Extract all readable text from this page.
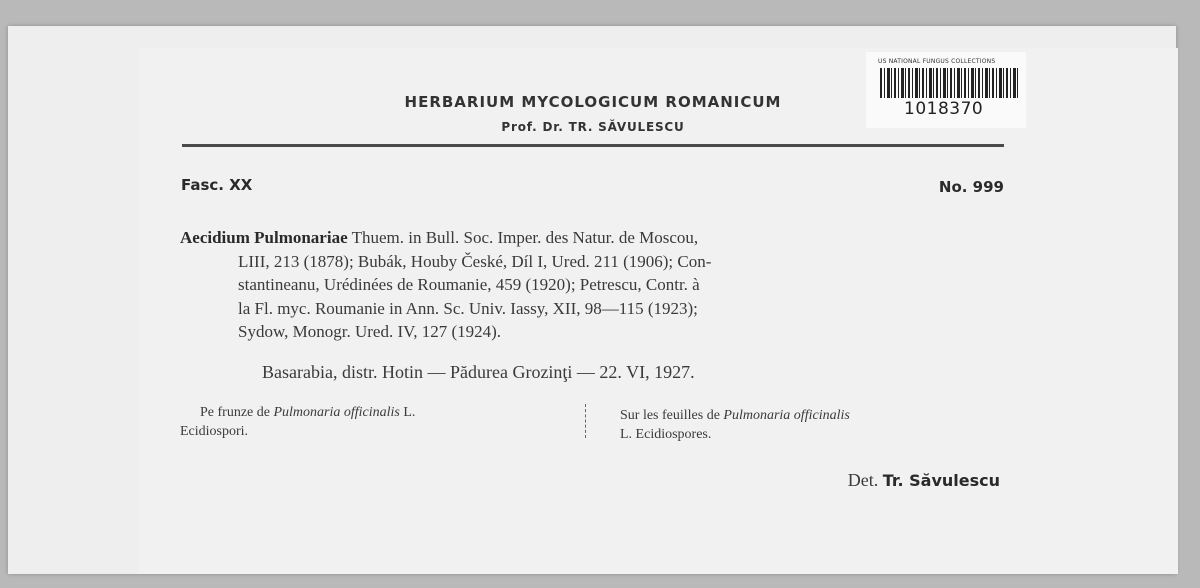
US NATIONAL FUNGUS COLLECTIONS
1018370
HERBARIUM MYCOLOGICUM ROMANICUM
Prof. Dr. TR. SĂVULESCU
Fasc. XX	No. 999
Aecidium Pulmonariae Thuem. in Bull. Soc. Imper. des Natur. de Moscou,
LIII, 213 (1878); Bubák, Houby České, Díl I, Ured. 211 (1906); Con-
stantineanu, Urédinées de Roumanie, 459 (1920); Petrescu, Contr. à
la Fl. myc. Roumanie in Ann. Sc. Univ. Iassy, XII, 98—115 (1923);
Sydow, Monogr. Ured. IV, 127 (1924).
Basarabia, distr. Hotin — Pădurea Grozinţi — 22. VI, 1927.
Pe frunze de Pulmonaria officinalis L.
Ecidiospori.
Sur les feuilles de Pulmonaria officinalis
L. Ecidiospores.
Det. Tr. Săvulescu
